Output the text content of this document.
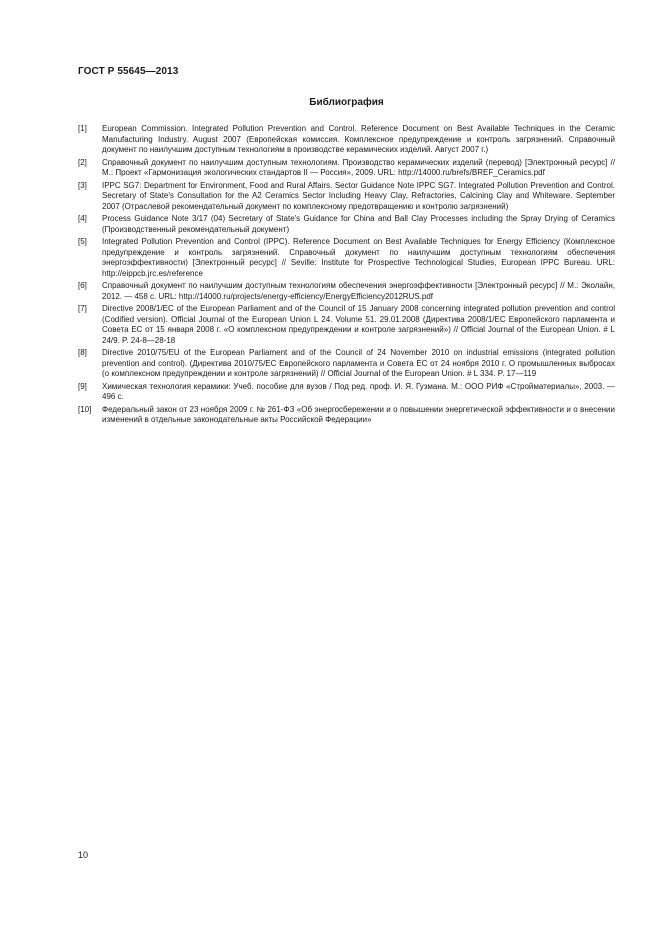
ГОСТ Р 55645—2013
Библиография
[1]	European Commission. Integrated Pollution Prevention and Control. Reference Document on Best Available Techniques in the Ceramic Manufacturing Industry. August 2007 (Европейская комиссия. Комплексное предупреждение и контроль загрязнений. Справочный документ по наилучшим доступным технологиям в производстве керамических изделий. Август 2007 г.)
[2]	Справочный документ по наилучшим доступным технологиям. Производство керамических изделий (перевод) [Электронный ресурс] // М.: Проект «Гармонизация экологических стандартов II — Россия», 2009. URL: http://14000.ru/brefs/BREF_Ceramics.pdf
[3]	IPPC SG7: Department for Environment, Food and Rural Affairs. Sector Guidance Note IPPC SG7. Integrated Pollution Prevention and Control. Secretary of State's Consultation for the A2 Ceramics Sector Including Heavy Clay, Refractories, Calcining Clay and Whiteware. September 2007 (Отраслевой рекомендательный документ по комплексному предотвращению и контролю загрязнений)
[4]	Process Guidance Note 3/17 (04) Secretary of State's Guidance for China and Ball Clay Processes including the Spray Drying of Ceramics (Производственный рекомендательный документ)
[5]	Integrated Pollution Prevention and Control (IPPC). Reference Document on Best Available Techniques for Energy Efficiency (Комплексное предупреждение и контроль загрязнений. Справочный документ по наилучшим доступным технологиям обеспечения энергоэффективности) [Электронный ресурс] // Seville: Institute for Prospective Technological Studies, European IPPC Bureau. URL: http://eippcb.jrc.es/reference
[6]	Справочный документ по наилучшим доступным технологиям обеспечения энергоэффективности [Электронный ресурс] // М.: Эколайн, 2012. — 458 с. URL: http://14000.ru/projects/energy-efficiency/EnergyEfficiency2012RUS.pdf
[7]	Directive 2008/1/EC of the European Parliament and of the Council of 15 January 2008 concerning integrated pollution prevention and control (Codified version). Official Journal of the European Union L 24. Volume 51. 29.01.2008 (Директива 2008/1/ЕС Европейского парламента и Совета ЕС от 15 января 2008 г. «О комплексном предупреждении и контроле загрязнений») // Official Journal of the European Union. # L 24/9. P. 24-8—28-18
[8]	Directive 2010/75/EU of the European Parliament and of the Council of 24 November 2010 on industrial emissions (integrated pollution prevention and control). (Директива 2010/75/ЕС Европейского парламента и Совета ЕС от 24 ноября 2010 г. О промышленных выбросах (о комплексном предупреждении и контроле загрязнений) // Official Journal of the European Union. # L 334. P. 17—119
[9]	Химическая технология керамики: Учеб. пособие для вузов / Под ред. проф. И. Я. Гузмана. М.: ООО РИФ «Стройматериалы», 2003. — 496 с.
[10]	Федеральный закон от 23 ноября 2009 г. № 261-ФЗ «Об энергосбережении и о повышении энергетической эффективности и о внесении изменений в отдельные законодательные акты Российской Федерации»
10
